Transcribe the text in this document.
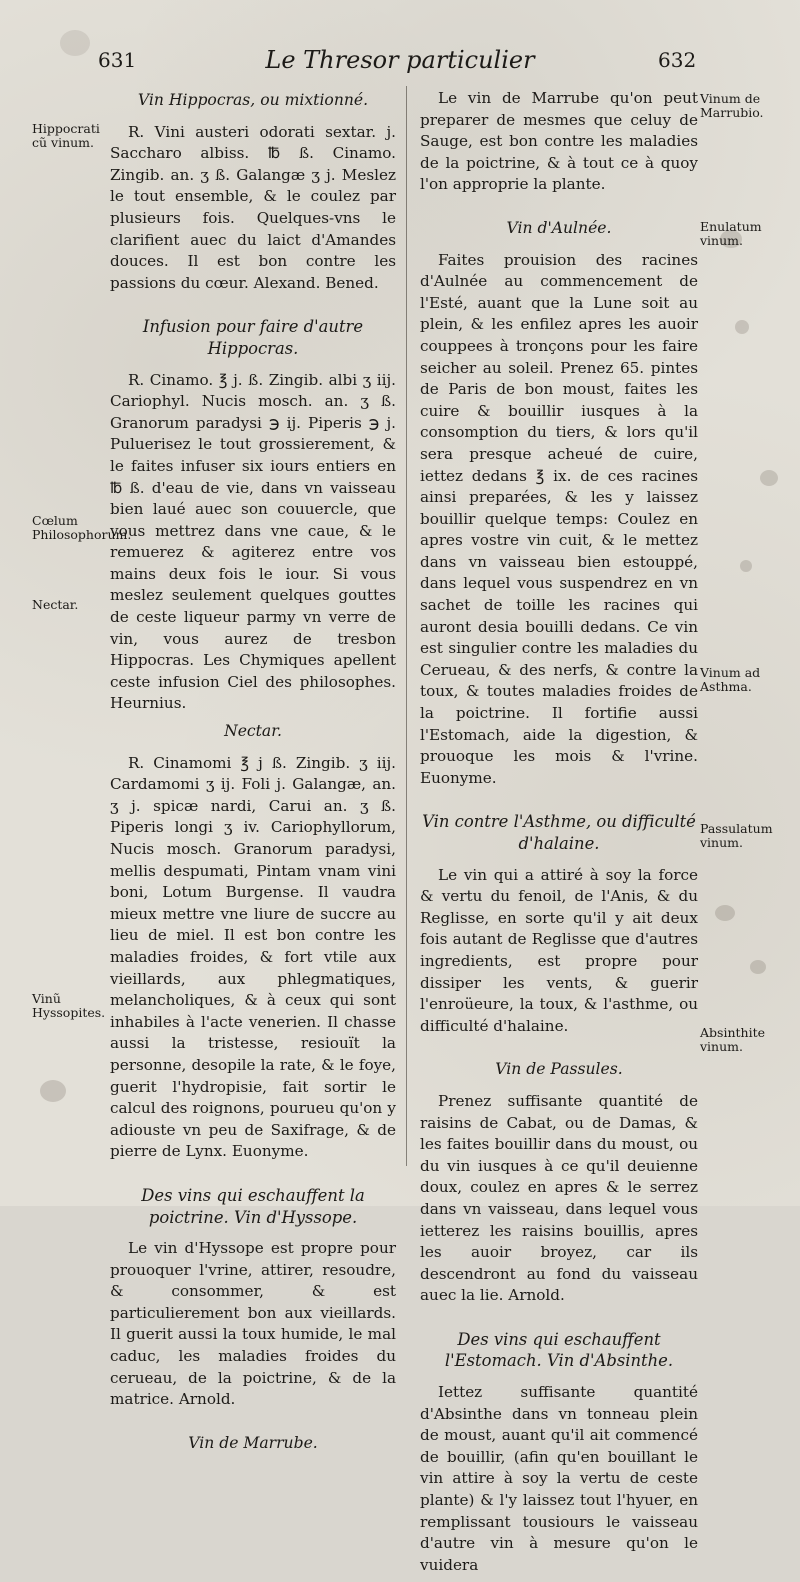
631	Le Thresor particulier	632
Vin Hippocras, ou mixtionné.
R. Vini austeri odorati sextar. j. Saccharo albiss. ℔ ß. Cinamo. Zingib. an. ʒ ß. Galangæ ʒ j. Meslez le tout ensemble, & le coulez par plusieurs fois. Quelques-vns le clarifient auec du laict d'Amandes douces. Il est bon contre les passions du cœur. Alexand. Bened.
Infusion pour faire d'autre Hippocras.
R. Cinamo. ℥ j. ß. Zingib. albi ʒ iij. Cariophyl. Nucis mosch. an. ʒ ß. Granorum paradysi ℈ ij. Piperis ℈ j. Puluerisez le tout grossierement, & le faites infuser six iours entiers en ℔ ß. d'eau de vie, dans vn vaisseau bien laué auec son couuercle, que vous mettrez dans vne caue, & le remuerez & agiterez entre vos mains deux fois le iour. Si vous meslez seulement quelques gouttes de ceste liqueur parmy vn verre de vin, vous aurez de tresbon Hippocras. Les Chymiques apellent ceste infusion Ciel des philosophes. Heurnius.
Nectar.
R. Cinamomi ℥ j ß. Zingib. ʒ iij. Cardamomi ʒ ij. Foli j. Galangæ, an. ʒ j. spicæ nardi, Carui an. ʒ ß. Piperis longi ʒ iv. Cariophyllorum, Nucis mosch. Granorum paradysi, mellis despumati, Pintam vnam vini boni, Lotum Burgense. Il vaudra mieux mettre vne liure de succre au lieu de miel. Il est bon contre les maladies froides, & fort vtile aux vieillards, aux phlegmatiques, melancholiques, & à ceux qui sont inhabiles à l'acte venerien. Il chasse aussi la tristesse, resiouït la personne, desopile la rate, & le foye, guerit l'hydropisie, fait sortir le calcul des roignons, pourueu qu'on y adiouste vn peu de Saxifrage, & de pierre de Lynx. Euonyme.
Des vins qui eschauffent la poictrine. Vin d'Hyssope.
Le vin d'Hyssope est propre pour prouoquer l'vrine, attirer, resoudre, & consommer, & est particulierement bon aux vieillards. Il guerit aussi la toux humide, le mal caduc, les maladies froides du cerueau, de la poictrine, & de la matrice. Arnold.
Vin de Marrube.
Hippocrati cũ vinum.
Cœlum Philosophorum.
Nectar.
Vinũ Hyssopites.
Le vin de Marrube qu'on peut preparer de mesmes que celuy de Sauge, est bon contre les maladies de la poictrine, & à tout ce à quoy l'on approprie la plante.
Vin d'Aulnée.
Faites prouision des racines d'Aulnée au commencement de l'Esté, auant que la Lune soit au plein, & les enfilez apres les auoir couppees à tronçons pour les faire seicher au soleil. Prenez 65. pintes de Paris de bon moust, faites les cuire & bouillir iusques à la consomption du tiers, & lors qu'il sera presque acheué de cuire, iettez dedans ℥ ix. de ces racines ainsi preparées, & les y laissez bouillir quelque temps: Coulez en apres vostre vin cuit, & le mettez dans vn vaisseau bien estouppé, dans lequel vous suspendrez en vn sachet de toille les racines qui auront desia bouilli dedans. Ce vin est singulier contre les maladies du Cerueau, & des nerfs, & contre la toux, & toutes maladies froides de la poictrine. Il fortifie aussi l'Estomach, aide la digestion, & prouoque les mois & l'vrine. Euonyme.
Vin contre l'Asthme, ou difficulté d'halaine.
Le vin qui a attiré à soy la force & vertu du fenoil, de l'Anis, & du Reglisse, en sorte qu'il y ait deux fois autant de Reglisse que d'autres ingredients, est propre pour dissiper les vents, & guerir l'enroüeure, la toux, & l'asthme, ou difficulté d'halaine.
Vin de Passules.
Prenez suffisante quantité de raisins de Cabat, ou de Damas, & les faites bouillir dans du moust, ou du vin iusques à ce qu'il deuienne doux, coulez en apres & le serrez dans vn vaisseau, dans lequel vous ietterez les raisins bouillis, apres les auoir broyez, car ils descendront au fond du vaisseau auec la lie. Arnold.
Des vins qui eschauffent l'Estomach. Vin d'Absinthe.
Iettez suffisante quantité d'Absinthe dans vn tonneau plein de moust, auant qu'il ait commencé de bouillir, (afin qu'en bouillant le vin attire à soy la vertu de ceste plante) & l'y laissez tout l'hyuer, en remplissant tousiours le vaisseau d'autre vin à mesure qu'on le vuidera
Vinum de Marrubio.
Enulatum vinum.
Vinum ad Asthma.
Passulatum vinum.
Absinthite vinum.
